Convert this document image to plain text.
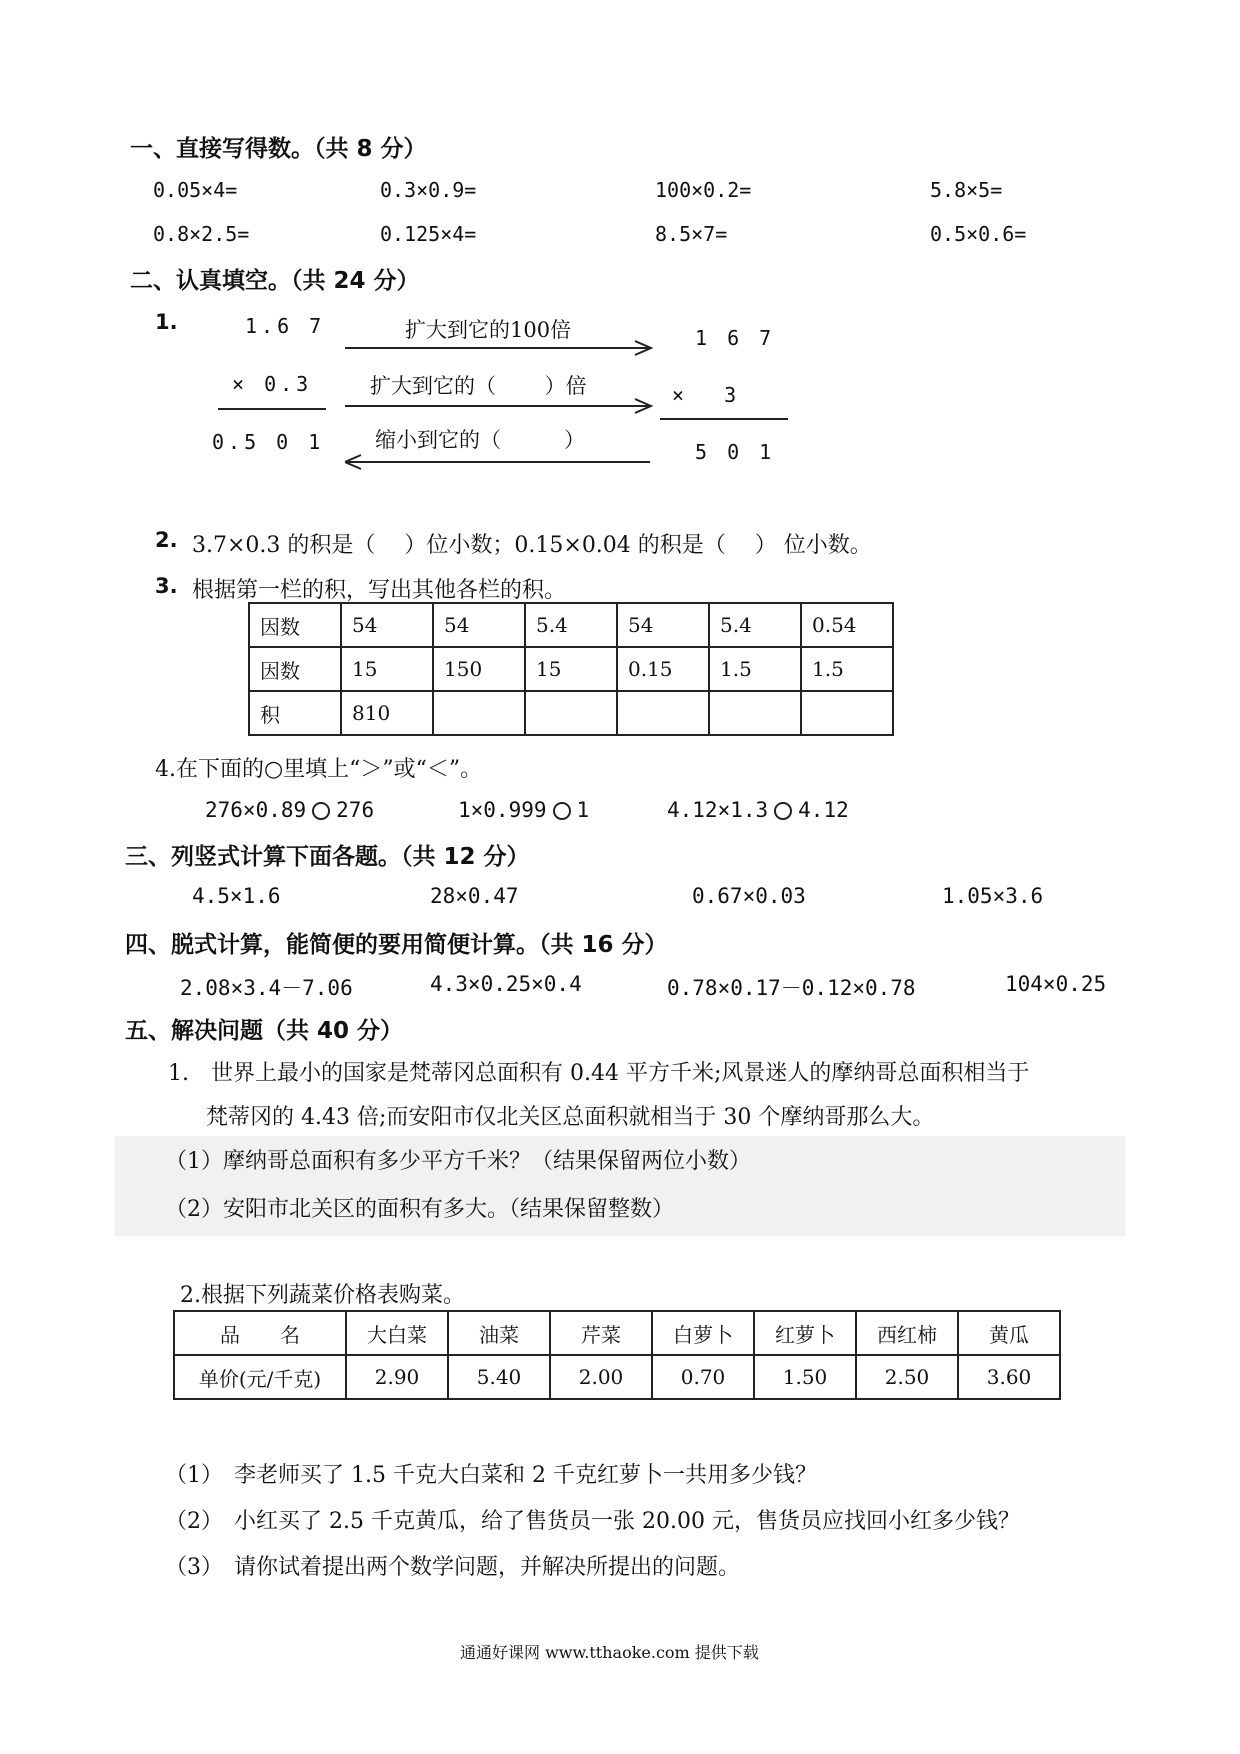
一、直接写得数。（共 8 分）
0.05×4=	0.3×0.9=	100×0.2=	5.8×5=
0.8×2.5=	0.125×4=	8.5×7=	0.5×0.6=
二、认真填空。（共 24 分）
1.	1.6 7
× 0.3
0.5 0 1
扩大到它的100倍
扩大到它的（　　 ）倍
缩小到它的（　　　）
1 6 7
× 3
5 0 1
2. 3.7×0.3 的积是（　 ）位小数；0.15×0.04 的积是（　 ） 位小数。
3. 根据第一栏的积，写出其他各栏的积。
因数	54	54	5.4	54	5.4	0.54
因数	15	150	15	0.15	1.5	1.5
积	810					
4.在下面的○里填上“＞”或“＜”。
276×0.89 276	1×0.999 1	4.12×1.3 4.12
三、列竖式计算下面各题。（共 12 分）
4.5×1.6	28×0.47	0.67×0.03	1.05×3.6
四、脱式计算，能简便的要用简便计算。（共 16 分）
2.08×3.4－7.06	4.3×0.25×0.4	0.78×0.17－0.12×0.78	104×0.25
五、解决问题（共 40 分）
1.　世界上最小的国家是梵蒂冈总面积有 0.44 平方千米;风景迷人的摩纳哥总面积相当于
梵蒂冈的 4.43 倍;而安阳市仅北关区总面积就相当于 30 个摩纳哥那么大。
（1）摩纳哥总面积有多少平方千米？（结果保留两位小数）
（2）安阳市北关区的面积有多大。（结果保留整数）
2.根据下列蔬菜价格表购菜。
品　　名	大白菜	油菜	芹菜	白萝卜	红萝卜	西红柿	黄瓜
单价(元/千克)	2.90	5.40	2.00	0.70	1.50	2.50	3.60
（1）　李老师买了 1.5 千克大白菜和 2 千克红萝卜一共用多少钱？
（2）　小红买了 2.5 千克黄瓜，给了售货员一张 20.00 元，售货员应找回小红多少钱？
（3）　请你试着提出两个数学问题，并解决所提出的问题。
通通好课网 www.tthaoke.com 提供下载
